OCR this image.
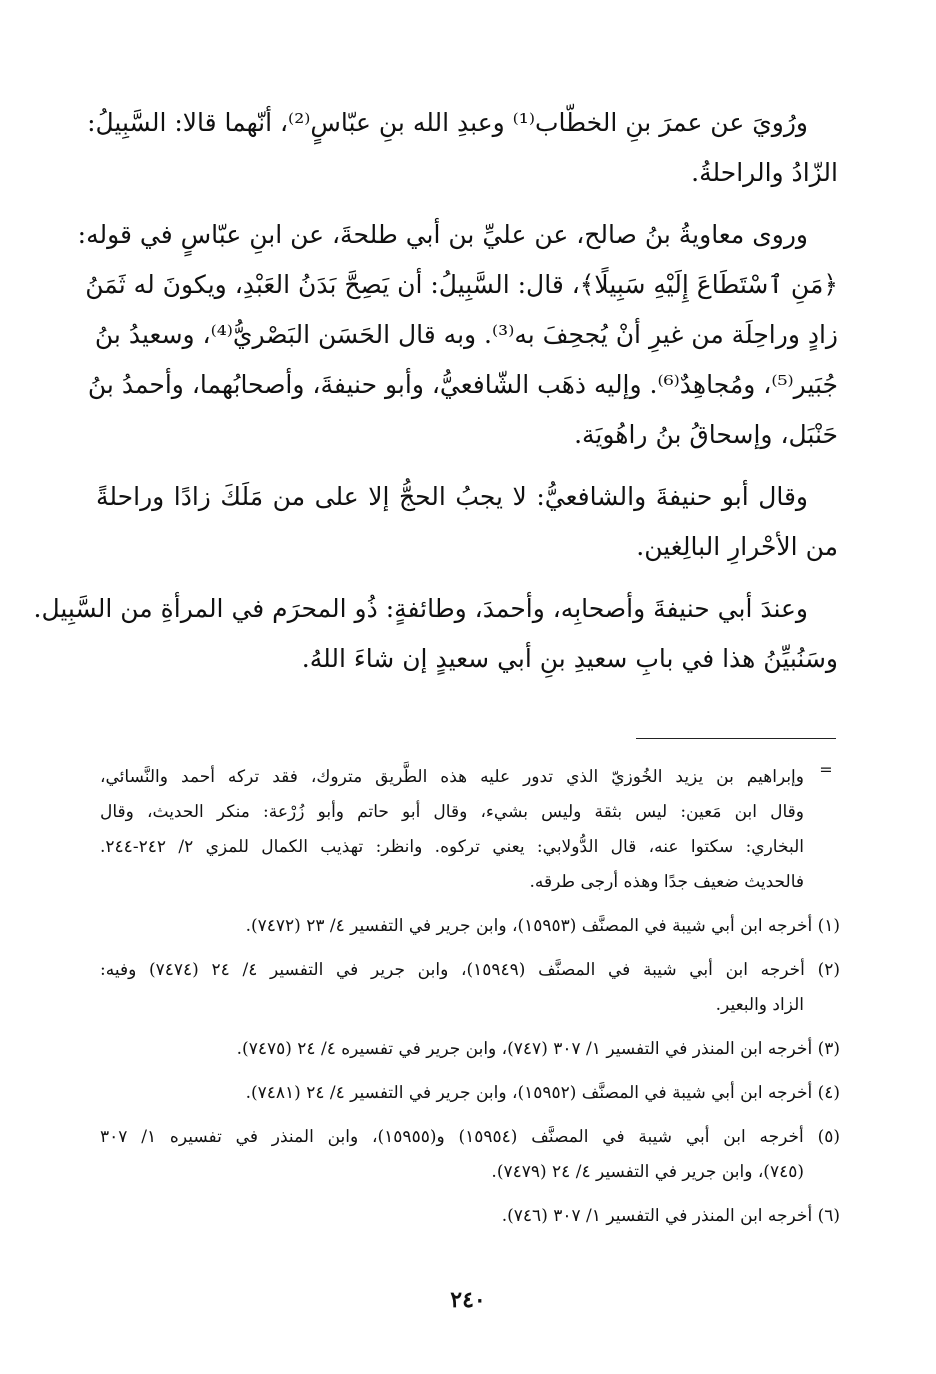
ورُويَ عن عمرَ بنِ الخطّاب⁽¹⁾ وعبدِ الله بنِ عبّاسٍ⁽²⁾، أنّهما قالا: السَّبِيلُ:
الزّادُ والراحلةُ.
وروى معاويةُ بنُ صالح، عن عليِّ بن أبي طلحةَ، عن ابنِ عبّاسٍ في قوله:
﴿مَنِ ٱسْتَطَاعَ إِلَيْهِ سَبِيلًا﴾، قال: السَّبِيلُ: أن يَصِحَّ بَدَنُ العَبْدِ، ويكونَ له ثَمَنُ
زادٍ وراحِلَة من غيرِ أنْ يُجحِفَ به⁽³⁾. وبه قال الحَسَن البَصْريُّ⁽⁴⁾، وسعيدُ بنُ
جُبَير⁽⁵⁾، ومُجاهِدٌ⁽⁶⁾. وإليه ذهَب الشّافعيُّ، وأبو حنيفةَ، وأصحابُهما، وأحمدُ بنُ
حَنْبَل، وإسحاقُ بنُ راهُويَة.
وقال أبو حنيفةَ والشافعيُّ: لا يجبُ الحجُّ إلا على من مَلَكَ زادًا وراحلةً
من الأحْرارِ البالِغين.
وعندَ أبي حنيفةَ وأصحابِه، وأحمدَ، وطائفةٍ: ذُو المحرَم في المرأةِ من السَّبِيل.
وسَنُبيِّنُ هذا في بابِ سعيدِ بنِ أبي سعيدٍ إن شاءَ اللهُ.
=
وإبراهيم بن يزيد الخُوزيّ الذي تدور عليه هذه الطَّريق متروك، فقد تركه أحمد والنَّسائي،
وقال ابن مَعين: ليس بثقة وليس بشيء، وقال أبو حاتم وأبو زُرْعة: منكر الحديث، وقال
البخاري: سكتوا عنه، قال الدُّولابي: يعني تركوه. وانظر: تهذيب الكمال للمزي ٢/ ٢٤٢-٢٤٤.
فالحديث ضعيف جدًا وهذه أرجى طرقه.
(١) أخرجه ابن أبي شيبة في المصنَّف (١٥٩٥٣)، وابن جرير في التفسير ٤/ ٢٣ (٧٤٧٢).
(٢) أخرجه ابن أبي شيبة في المصنَّف (١٥٩٤٩)، وابن جرير في التفسير ٤/ ٢٤ (٧٤٧٤) وفيه:
الزاد والبعير.
(٣) أخرجه ابن المنذر في التفسير ١/ ٣٠٧ (٧٤٧)، وابن جرير في تفسيره ٤/ ٢٤ (٧٤٧٥).
(٤) أخرجه ابن أبي شيبة في المصنَّف (١٥٩٥٢)، وابن جرير في التفسير ٤/ ٢٤ (٧٤٨١).
(٥) أخرجه ابن أبي شيبة في المصنَّف (١٥٩٥٤) و(١٥٩٥٥)، وابن المنذر في تفسيره ١/ ٣٠٧
(٧٤٥)، وابن جرير في التفسير ٤/ ٢٤ (٧٤٧٩).
(٦) أخرجه ابن المنذر في التفسير ١/ ٣٠٧ (٧٤٦).
٢٤٠
